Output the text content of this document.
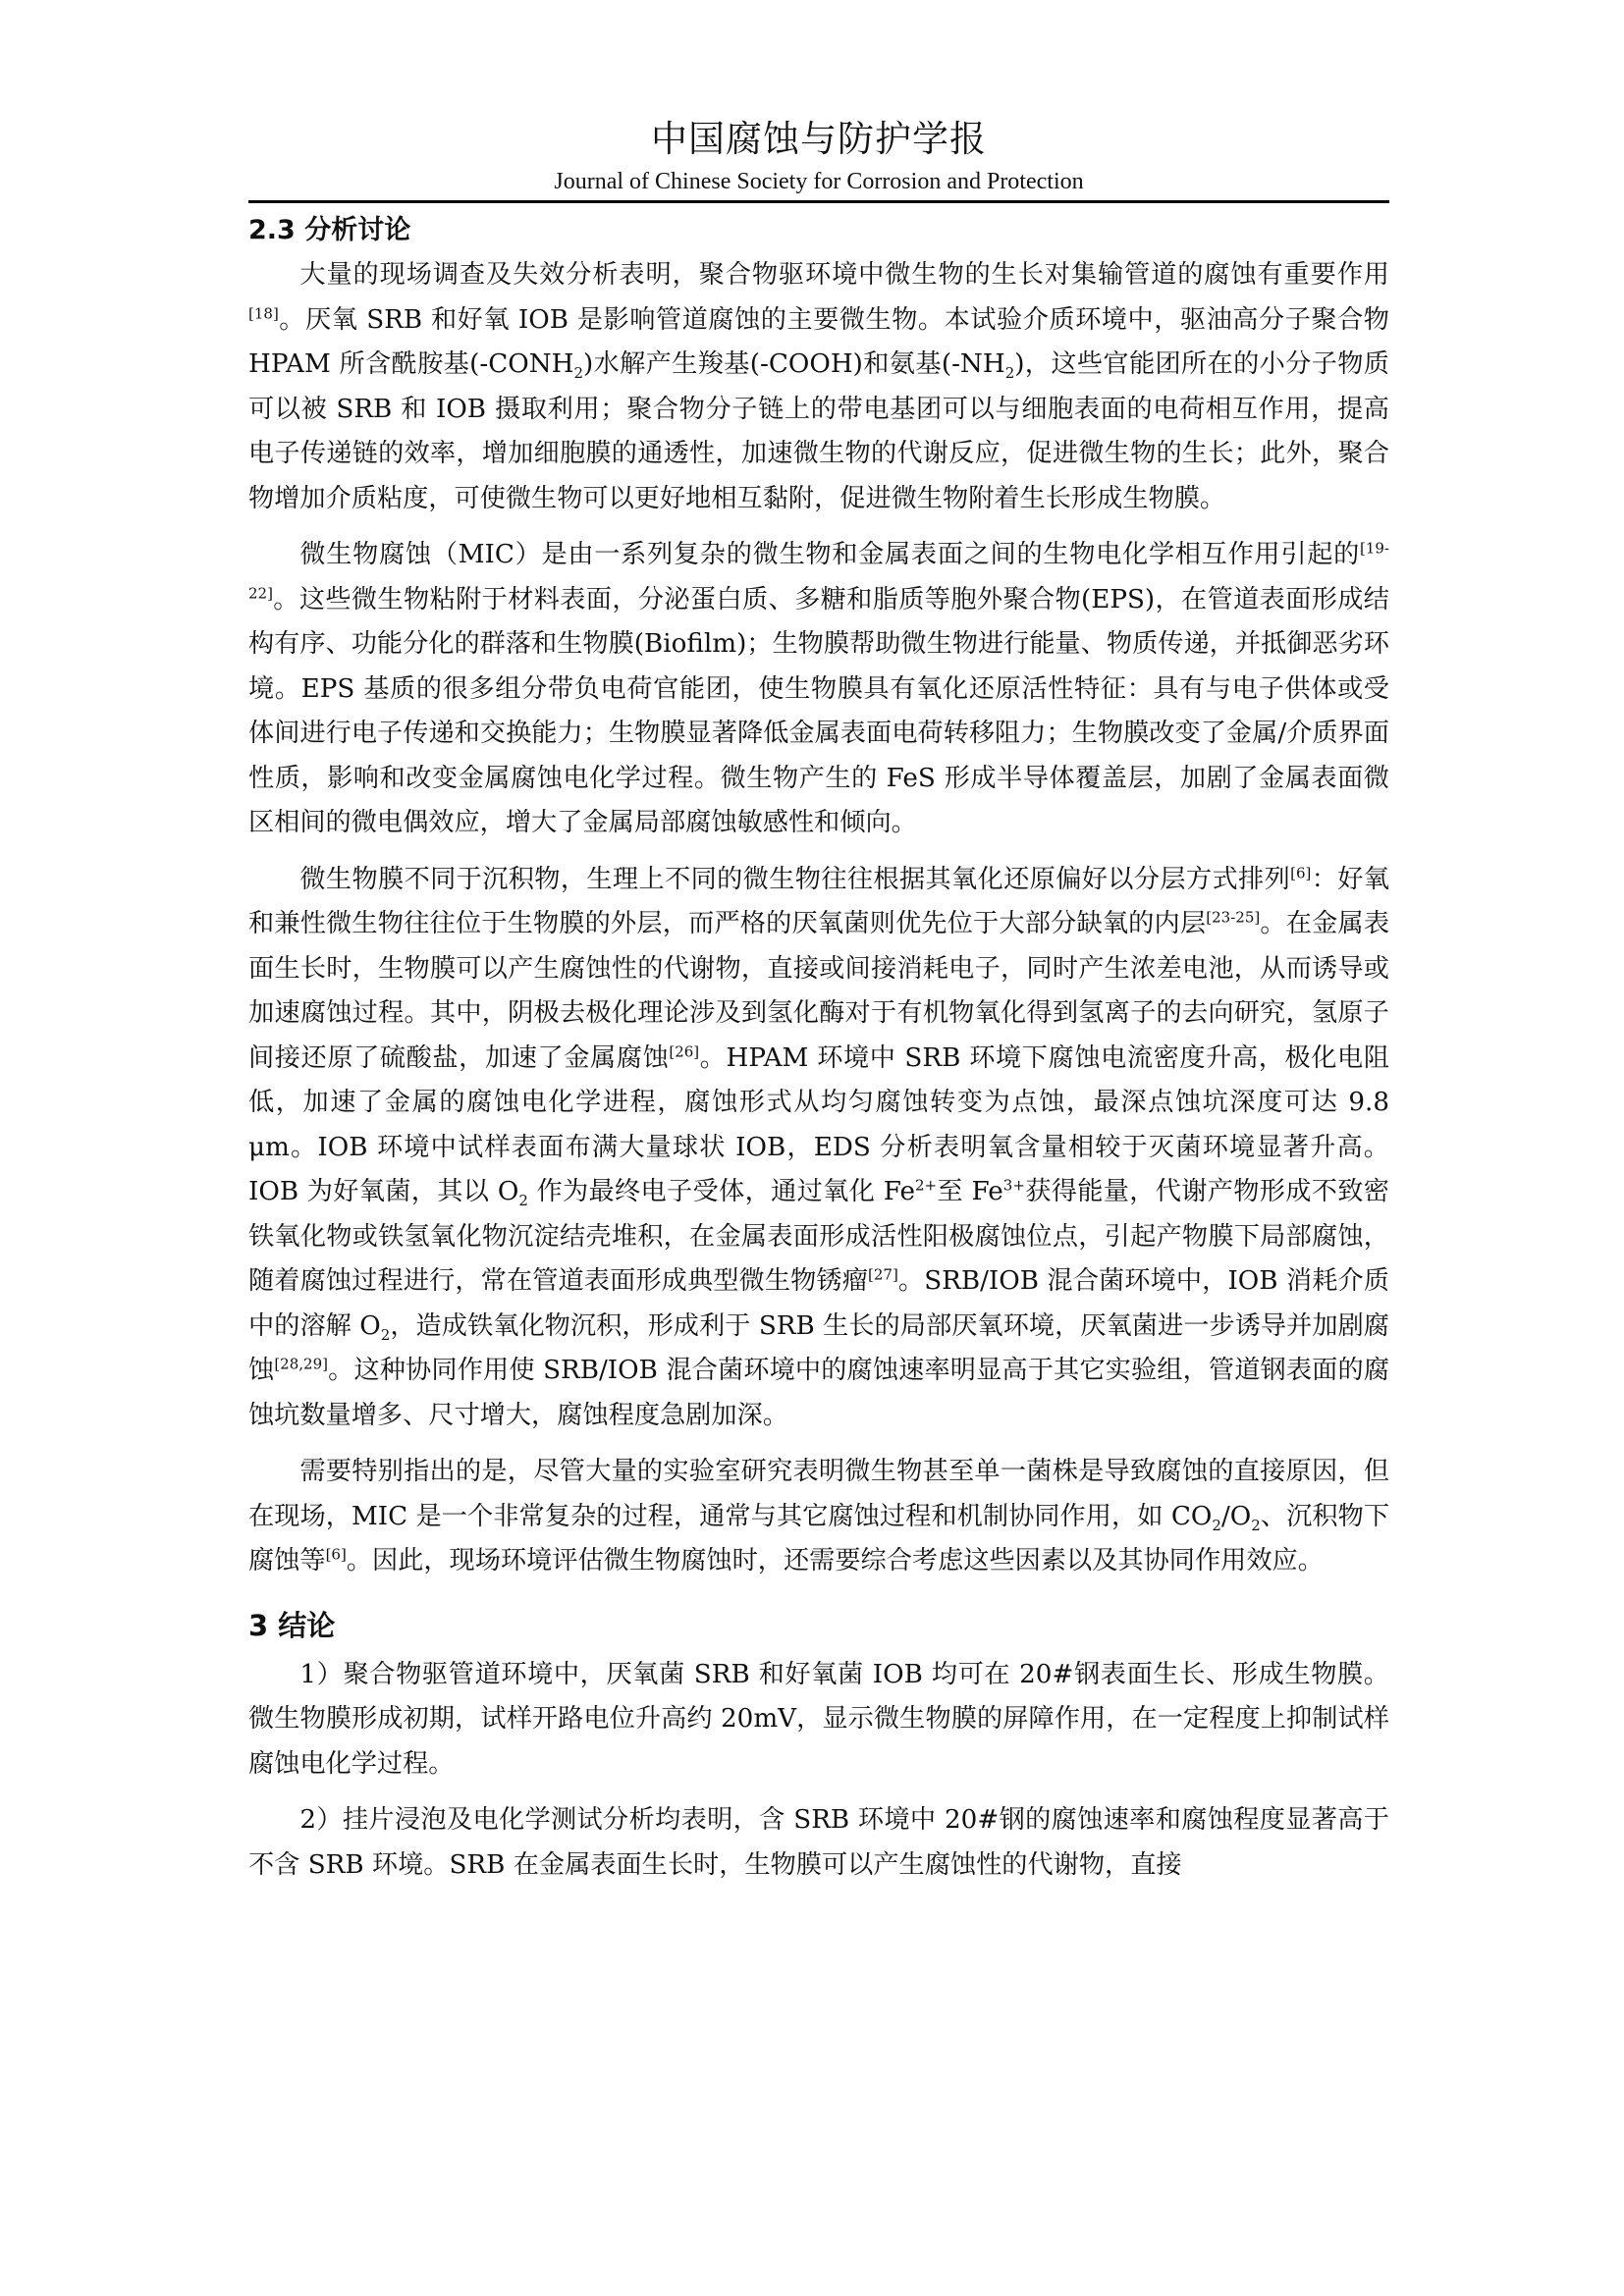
中国腐蚀与防护学报
Journal of Chinese Society for Corrosion and Protection
2.3 分析讨论

大量的现场调查及失效分析表明，聚合物驱环境中微生物的生长对集输管道的腐蚀有重要作用[18]。厌氧 SRB 和好氧 IOB 是影响管道腐蚀的主要微生物。本试验介质环境中，驱油高分子聚合物 HPAM 所含酰胺基$(-CONH_2)$水解产生羧基(-COOH)和氨基$(-NH_2)$，这些官能团所在的小分子物质可以被 SRB 和 IOB 摄取利用；聚合物分子链上的带电基团可以与细胞表面的电荷相互作用，提高电子传递链的效率，增加细胞膜的通透性，加速微生物的代谢反应，促进微生物的生长；此外，聚合物增加介质粘度，可使微生物可以更好地相互黏附，促进微生物附着生长形成生物膜。

微生物腐蚀（MIC）是由一系列复杂的微生物和金属表面之间的生物电化学相互作用引起的[19-22]。这些微生物粘附于材料表面，分泌蛋白质、多糖和脂质等胞外聚合物(EPS)，在管道表面形成结构有序、功能分化的群落和生物膜(Biofilm)；生物膜帮助微生物进行能量、物质传递，并抵御恶劣环境。EPS 基质的很多组分带负电荷官能团，使生物膜具有氧化还原活性特征：具有与电子供体或受体间进行电子传递和交换能力；生物膜显著降低金属表面电荷转移阻力；生物膜改变了金属/介质界面性质，影响和改变金属腐蚀电化学过程。微生物产生的 FeS 形成半导体覆盖层，加剧了金属表面微区相间的微电偶效应，增大了金属局部腐蚀敏感性和倾向。

微生物膜不同于沉积物，生理上不同的微生物往往根据其氧化还原偏好以分层方式排列[6]：好氧和兼性微生物往往位于生物膜的外层，而严格的厌氧菌则优先位于大部分缺氧的内层[23-25]。在金属表面生长时，生物膜可以产生腐蚀性的代谢物，直接或间接消耗电子，同时产生浓差电池，从而诱导或加速腐蚀过程。其中，阴极去极化理论涉及到氢化酶对于有机物氧化得到氢离子的去向研究，氢原子间接还原了硫酸盐，加速了金属腐蚀[26]。HPAM 环境中 SRB 环境下腐蚀电流密度升高，极化电阻低，加速了金属的腐蚀电化学进程，腐蚀形式从均匀腐蚀转变为点蚀，最深点蚀坑深度可达 9.8 μm。IOB 环境中试样表面布满大量球状 IOB，EDS 分析表明氧含量相较于灭菌环境显著升高。IOB 为好氧菌，其以 $O_2$ 作为最终电子受体，通过氧化 $Fe^{2+}$至 $Fe^{3+}$获得能量，代谢产物形成不致密铁氧化物或铁氢氧化物沉淀结壳堆积，在金属表面形成活性阳极腐蚀位点，引起产物膜下局部腐蚀，随着腐蚀过程进行，常在管道表面形成典型微生物锈瘤[27]。SRB/IOB 混合菌环境中，IOB 消耗介质中的溶解 $O_2$，造成铁氧化物沉积，形成利于 SRB 生长的局部厌氧环境，厌氧菌进一步诱导并加剧腐蚀[28,29]。这种协同作用使 SRB/IOB 混合菌环境中的腐蚀速率明显高于其它实验组，管道钢表面的腐蚀坑数量增多、尺寸增大，腐蚀程度急剧加深。

需要特别指出的是，尽管大量的实验室研究表明微生物甚至单一菌株是导致腐蚀的直接原因，但在现场，MIC 是一个非常复杂的过程，通常与其它腐蚀过程和机制协同作用，如 $CO_2/O_2$、沉积物下腐蚀等[6]。因此，现场环境评估微生物腐蚀时，还需要综合考虑这些因素以及其协同作用效应。

3 结论

1）聚合物驱管道环境中，厌氧菌 SRB 和好氧菌 IOB 均可在 20#钢表面生长、形成生物膜。微生物膜形成初期，试样开路电位升高约 20mV，显示微生物膜的屏障作用，在一定程度上抑制试样腐蚀电化学过程。

2）挂片浸泡及电化学测试分析均表明，含 SRB 环境中 20#钢的腐蚀速率和腐蚀程度显著高于不含 SRB 环境。SRB 在金属表面生长时，生物膜可以产生腐蚀性的代谢物，直接
